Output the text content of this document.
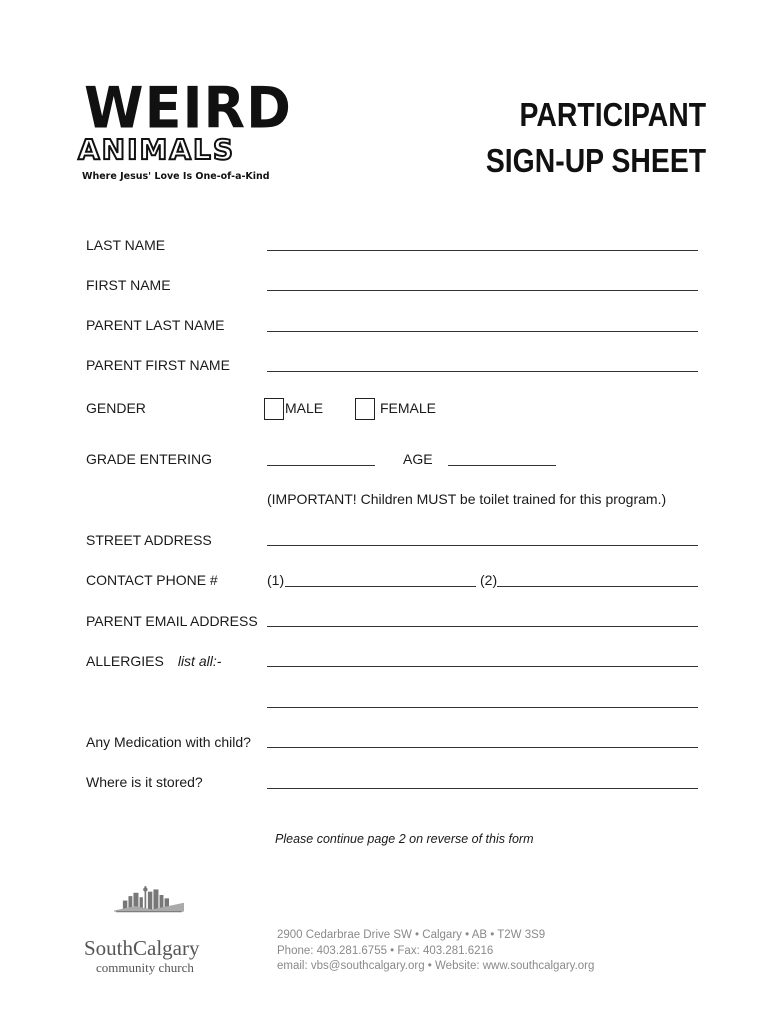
WEIRD
ANIMALS
Where Jesus' Love Is One-of-a-Kind
PARTICIPANT
SIGN-UP SHEET
LAST NAME
FIRST NAME
PARENT LAST NAME
PARENT FIRST NAME
GENDER	MALE	FEMALE
GRADE ENTERING	AGE
(IMPORTANT! Children MUST be toilet trained for this program.)
STREET ADDRESS
CONTACT PHONE #	(1)	(2)
PARENT EMAIL ADDRESS
ALLERGIES list all:-
Any Medication with child?
Where is it stored?
Please continue page 2 on reverse of this form
SouthCalgary
community church
2900 Cedarbrae Drive SW • Calgary • AB • T2W 3S9
Phone: 403.281.6755 • Fax: 403.281.6216
email: vbs@southcalgary.org • Website: www.southcalgary.org
